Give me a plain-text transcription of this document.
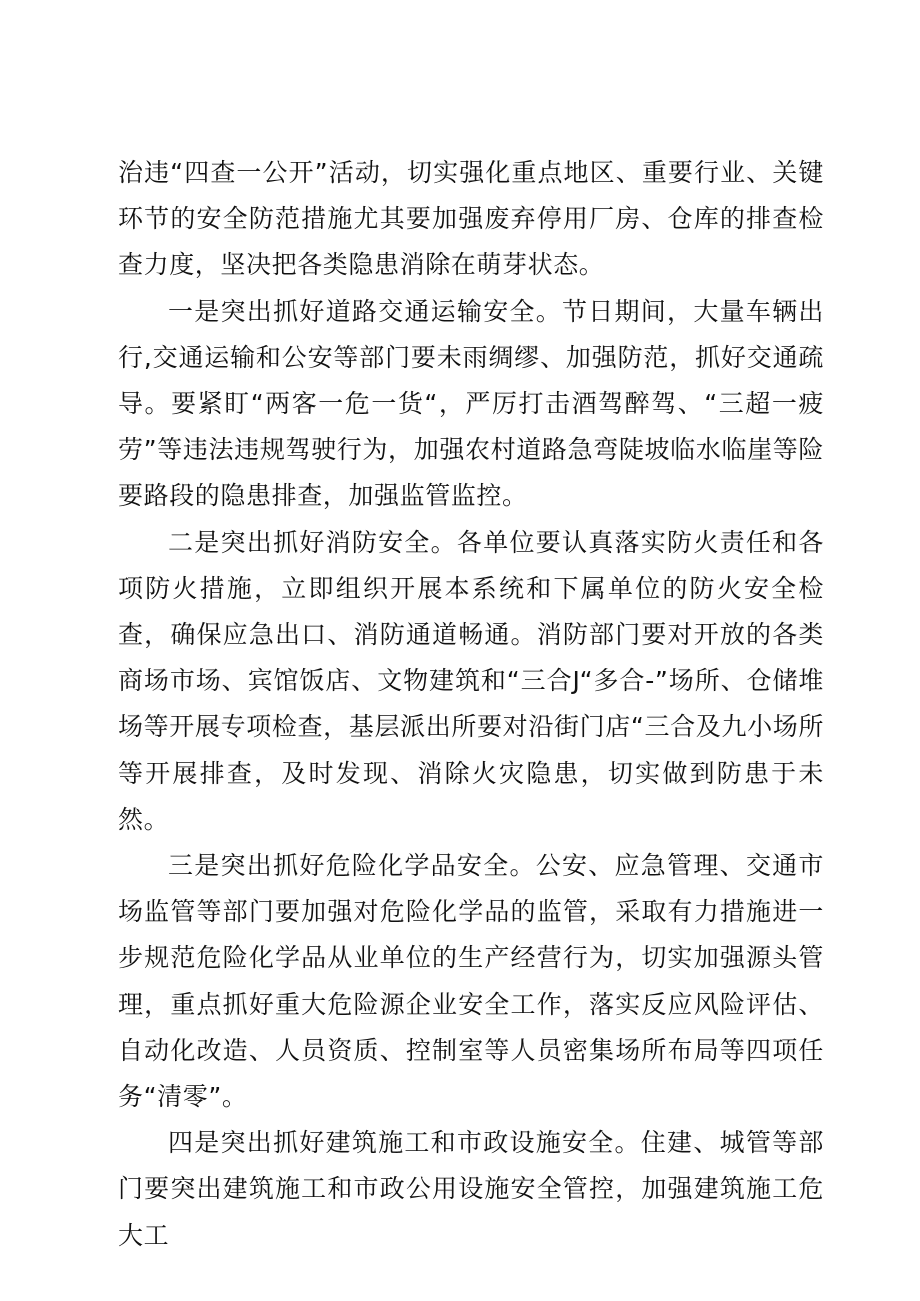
治违“四查一公开”活动，切实强化重点地区、重要行业、关键环节的安全防范措施尤其要加强废弃停用厂房、仓库的排查检查力度，坚决把各类隐患消除在萌芽状态。

一是突出抓好道路交通运输安全。节日期间，大量车辆出行,交通运输和公安等部门要未雨绸缪、加强防范，抓好交通疏导。要紧盯“两客一危一货“，严厉打击酒驾醉驾、“三超一疲劳”等违法违规驾驶行为，加强农村道路急弯陡坡临水临崖等险要路段的隐患排查，加强监管监控。

二是突出抓好消防安全。各单位要认真落实防火责任和各项防火措施，立即组织开展本系统和下属单位的防火安全检查，确保应急出口、消防通道畅通。消防部门要对开放的各类商场市场、宾馆饭店、文物建筑和“三合J“多合-”场所、仓储堆场等开展专项检查，基层派出所要对沿街门店“三合及九小场所等开展排查，及时发现、消除火灾隐患，切实做到防患于未然。

三是突出抓好危险化学品安全。公安、应急管理、交通市场监管等部门要加强对危险化学品的监管，采取有力措施进一步规范危险化学品从业单位的生产经营行为，切实加强源头管理，重点抓好重大危险源企业安全工作，落实反应风险评估、自动化改造、人员资质、控制室等人员密集场所布局等四项任务“清零”。

四是突出抓好建筑施工和市政设施安全。住建、城管等部门要突出建筑施工和市政公用设施安全管控，加强建筑施工危大工
